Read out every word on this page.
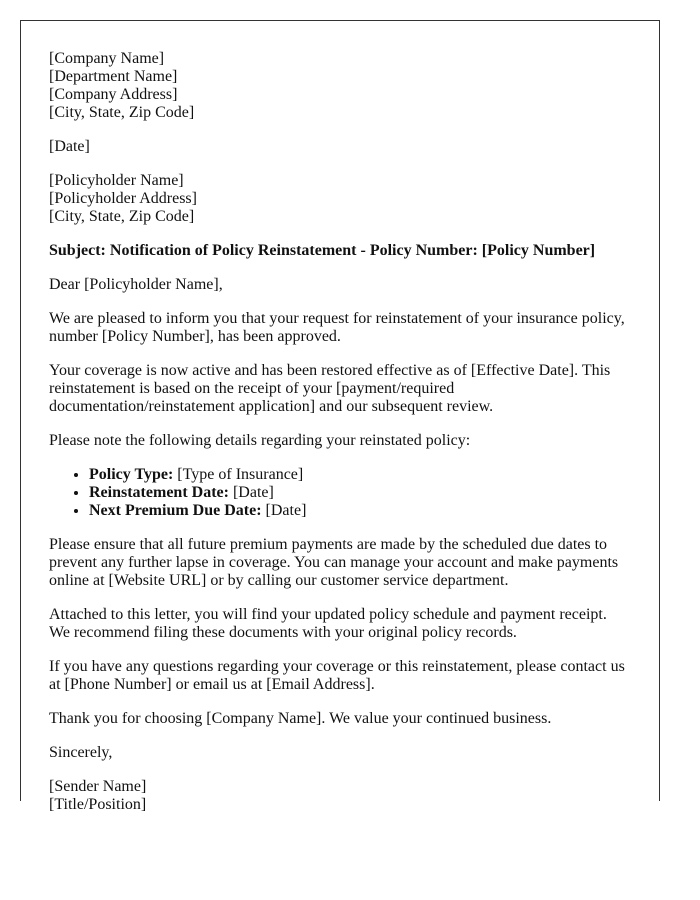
[Company Name]
[Department Name]
[Company Address]
[City, State, Zip Code]

[Date]

[Policyholder Name]
[Policyholder Address]
[City, State, Zip Code]

Subject: Notification of Policy Reinstatement - Policy Number: [Policy Number]

Dear [Policyholder Name],

We are pleased to inform you that your request for reinstatement of your insurance policy, number [Policy Number], has been approved.

Your coverage is now active and has been restored effective as of [Effective Date]. This reinstatement is based on the receipt of your [payment/required documentation/reinstatement application] and our subsequent review.

Please note the following details regarding your reinstated policy:

• Policy Type: [Type of Insurance]
• Reinstatement Date: [Date]
• Next Premium Due Date: [Date]

Please ensure that all future premium payments are made by the scheduled due dates to prevent any further lapse in coverage. You can manage your account and make payments online at [Website URL] or by calling our customer service department.

Attached to this letter, you will find your updated policy schedule and payment receipt. We recommend filing these documents with your original policy records.

If you have any questions regarding your coverage or this reinstatement, please contact us at [Phone Number] or email us at [Email Address].

Thank you for choosing [Company Name]. We value your continued business.

Sincerely,

[Sender Name]
[Title/Position]
